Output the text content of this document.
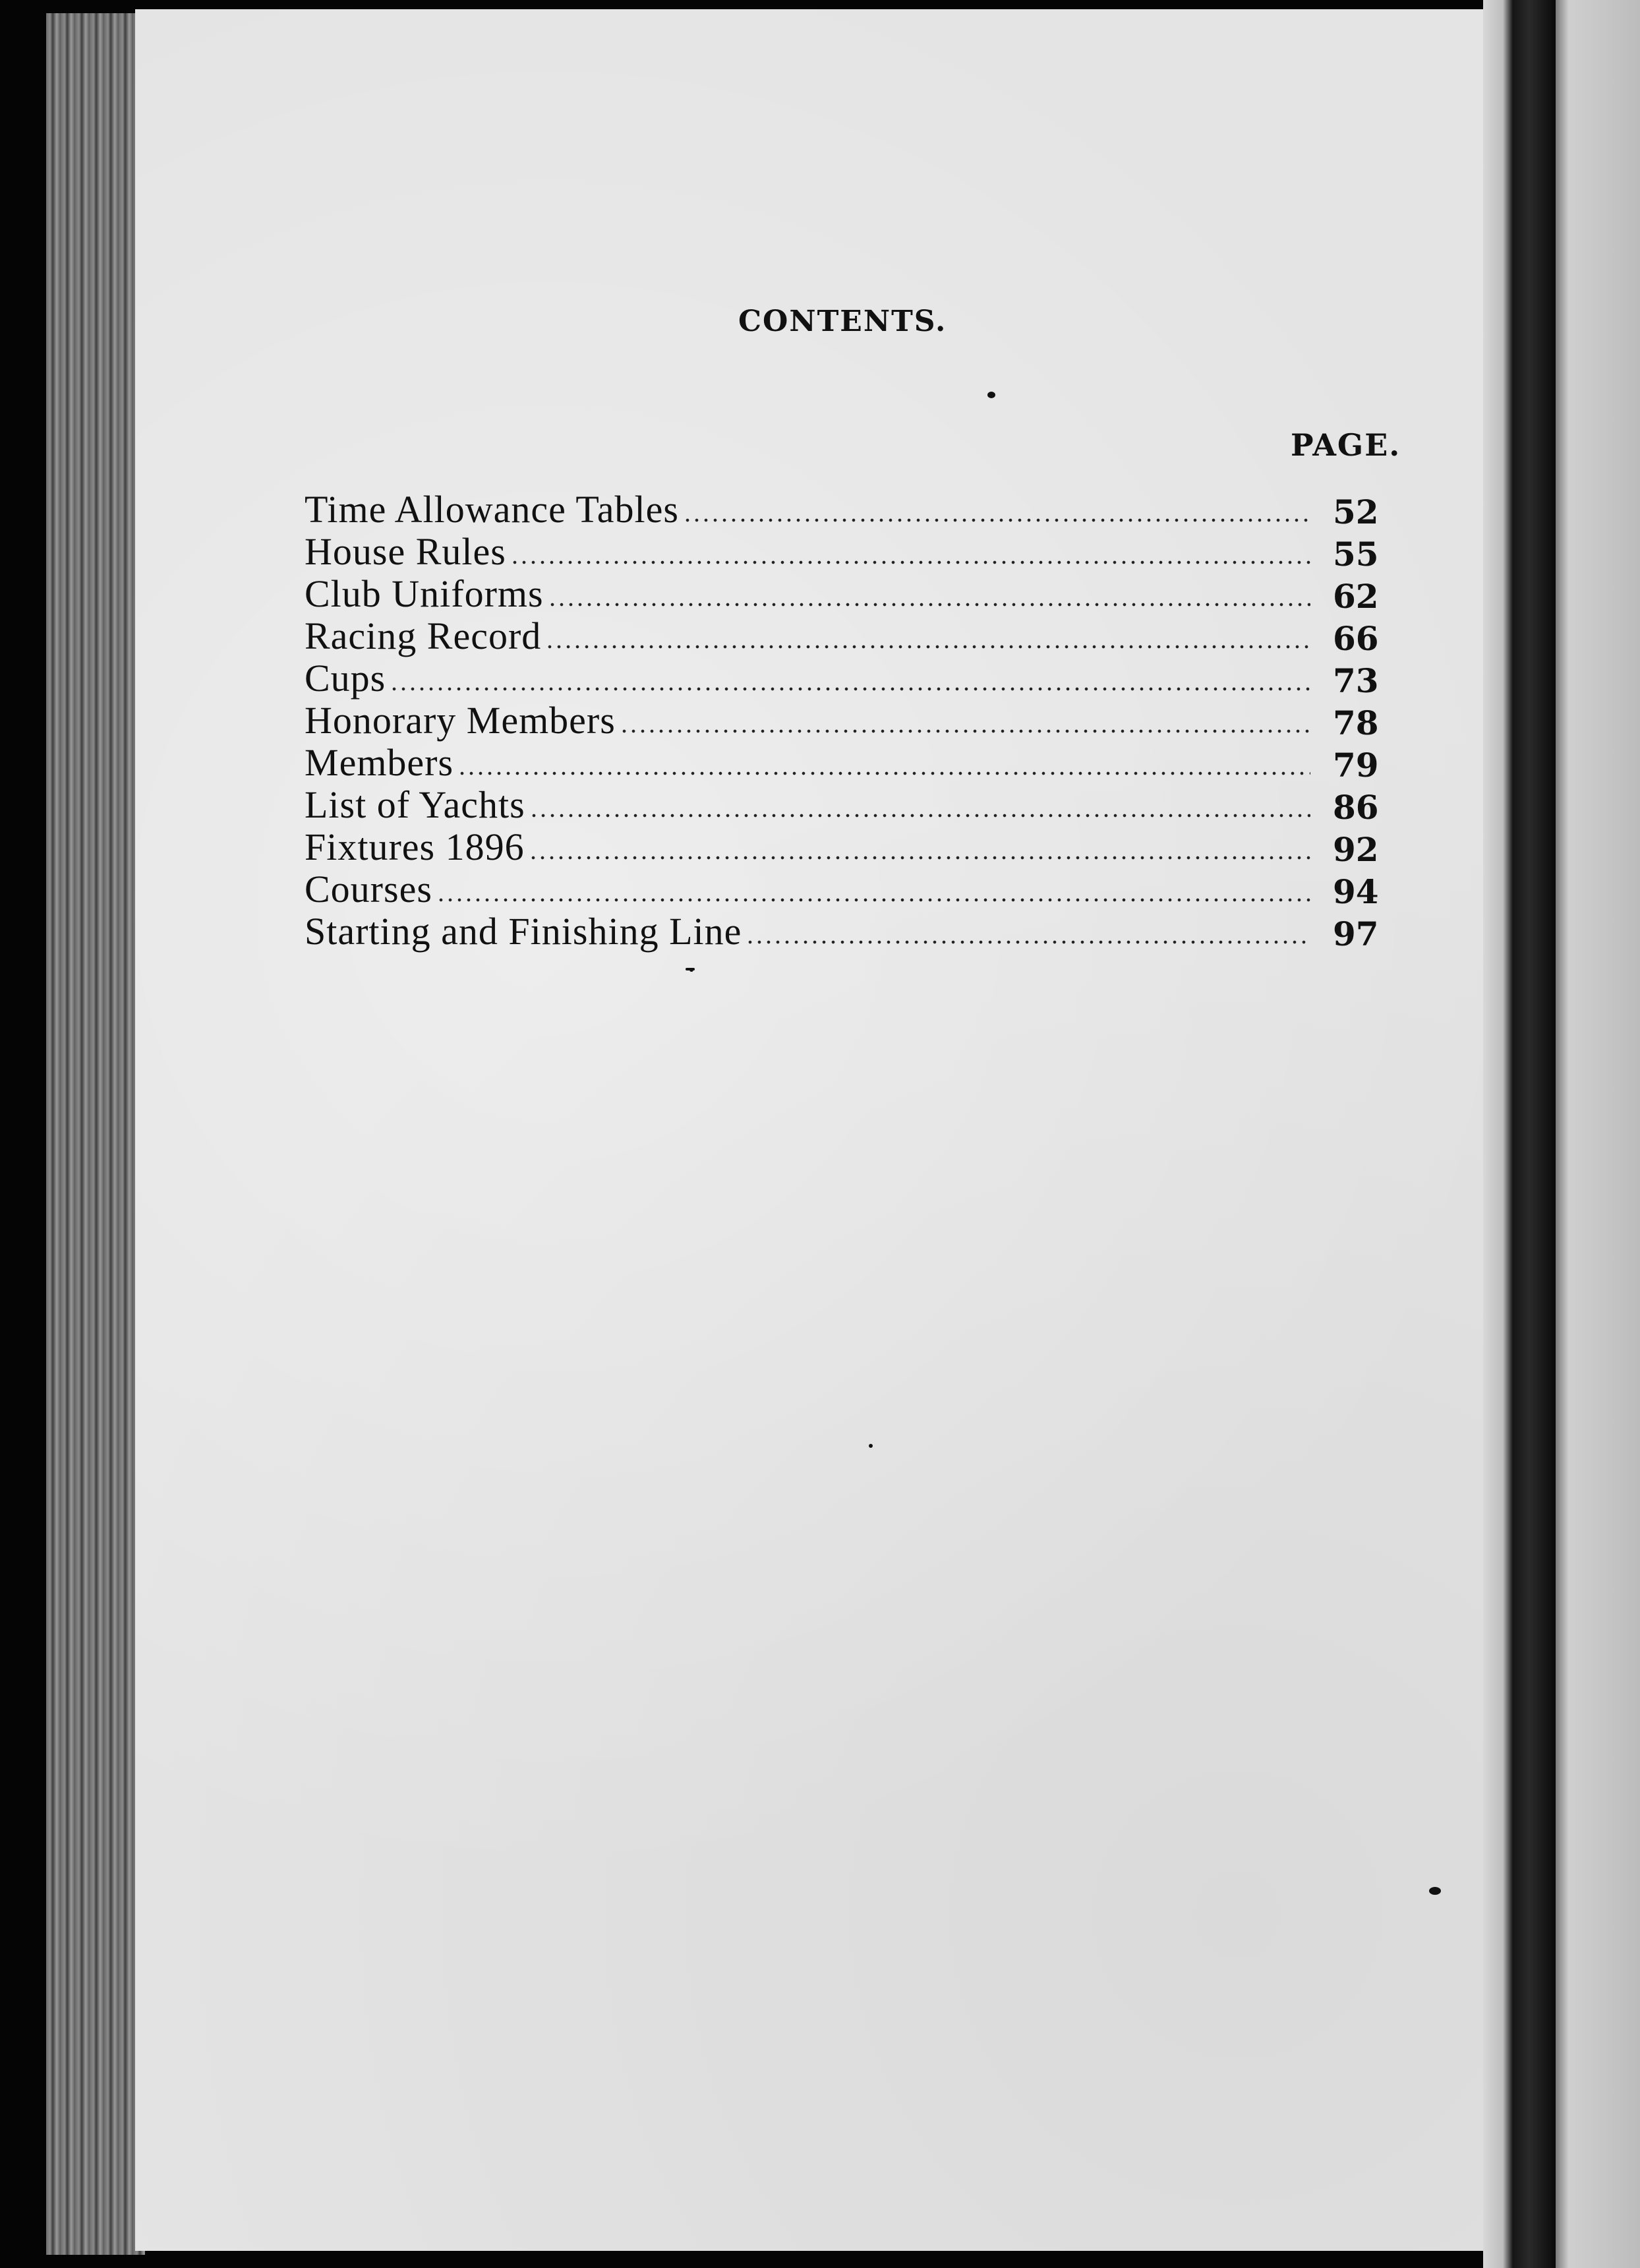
CONTENTS.
PAGE.
Time Allowance Tables	52
House Rules	55
Club Uniforms	62
Racing Record	66
Cups	73
Honorary Members	78
Members	79
List of Yachts	86
Fixtures 1896	92
Courses	94
Starting and Finishing Line	97
